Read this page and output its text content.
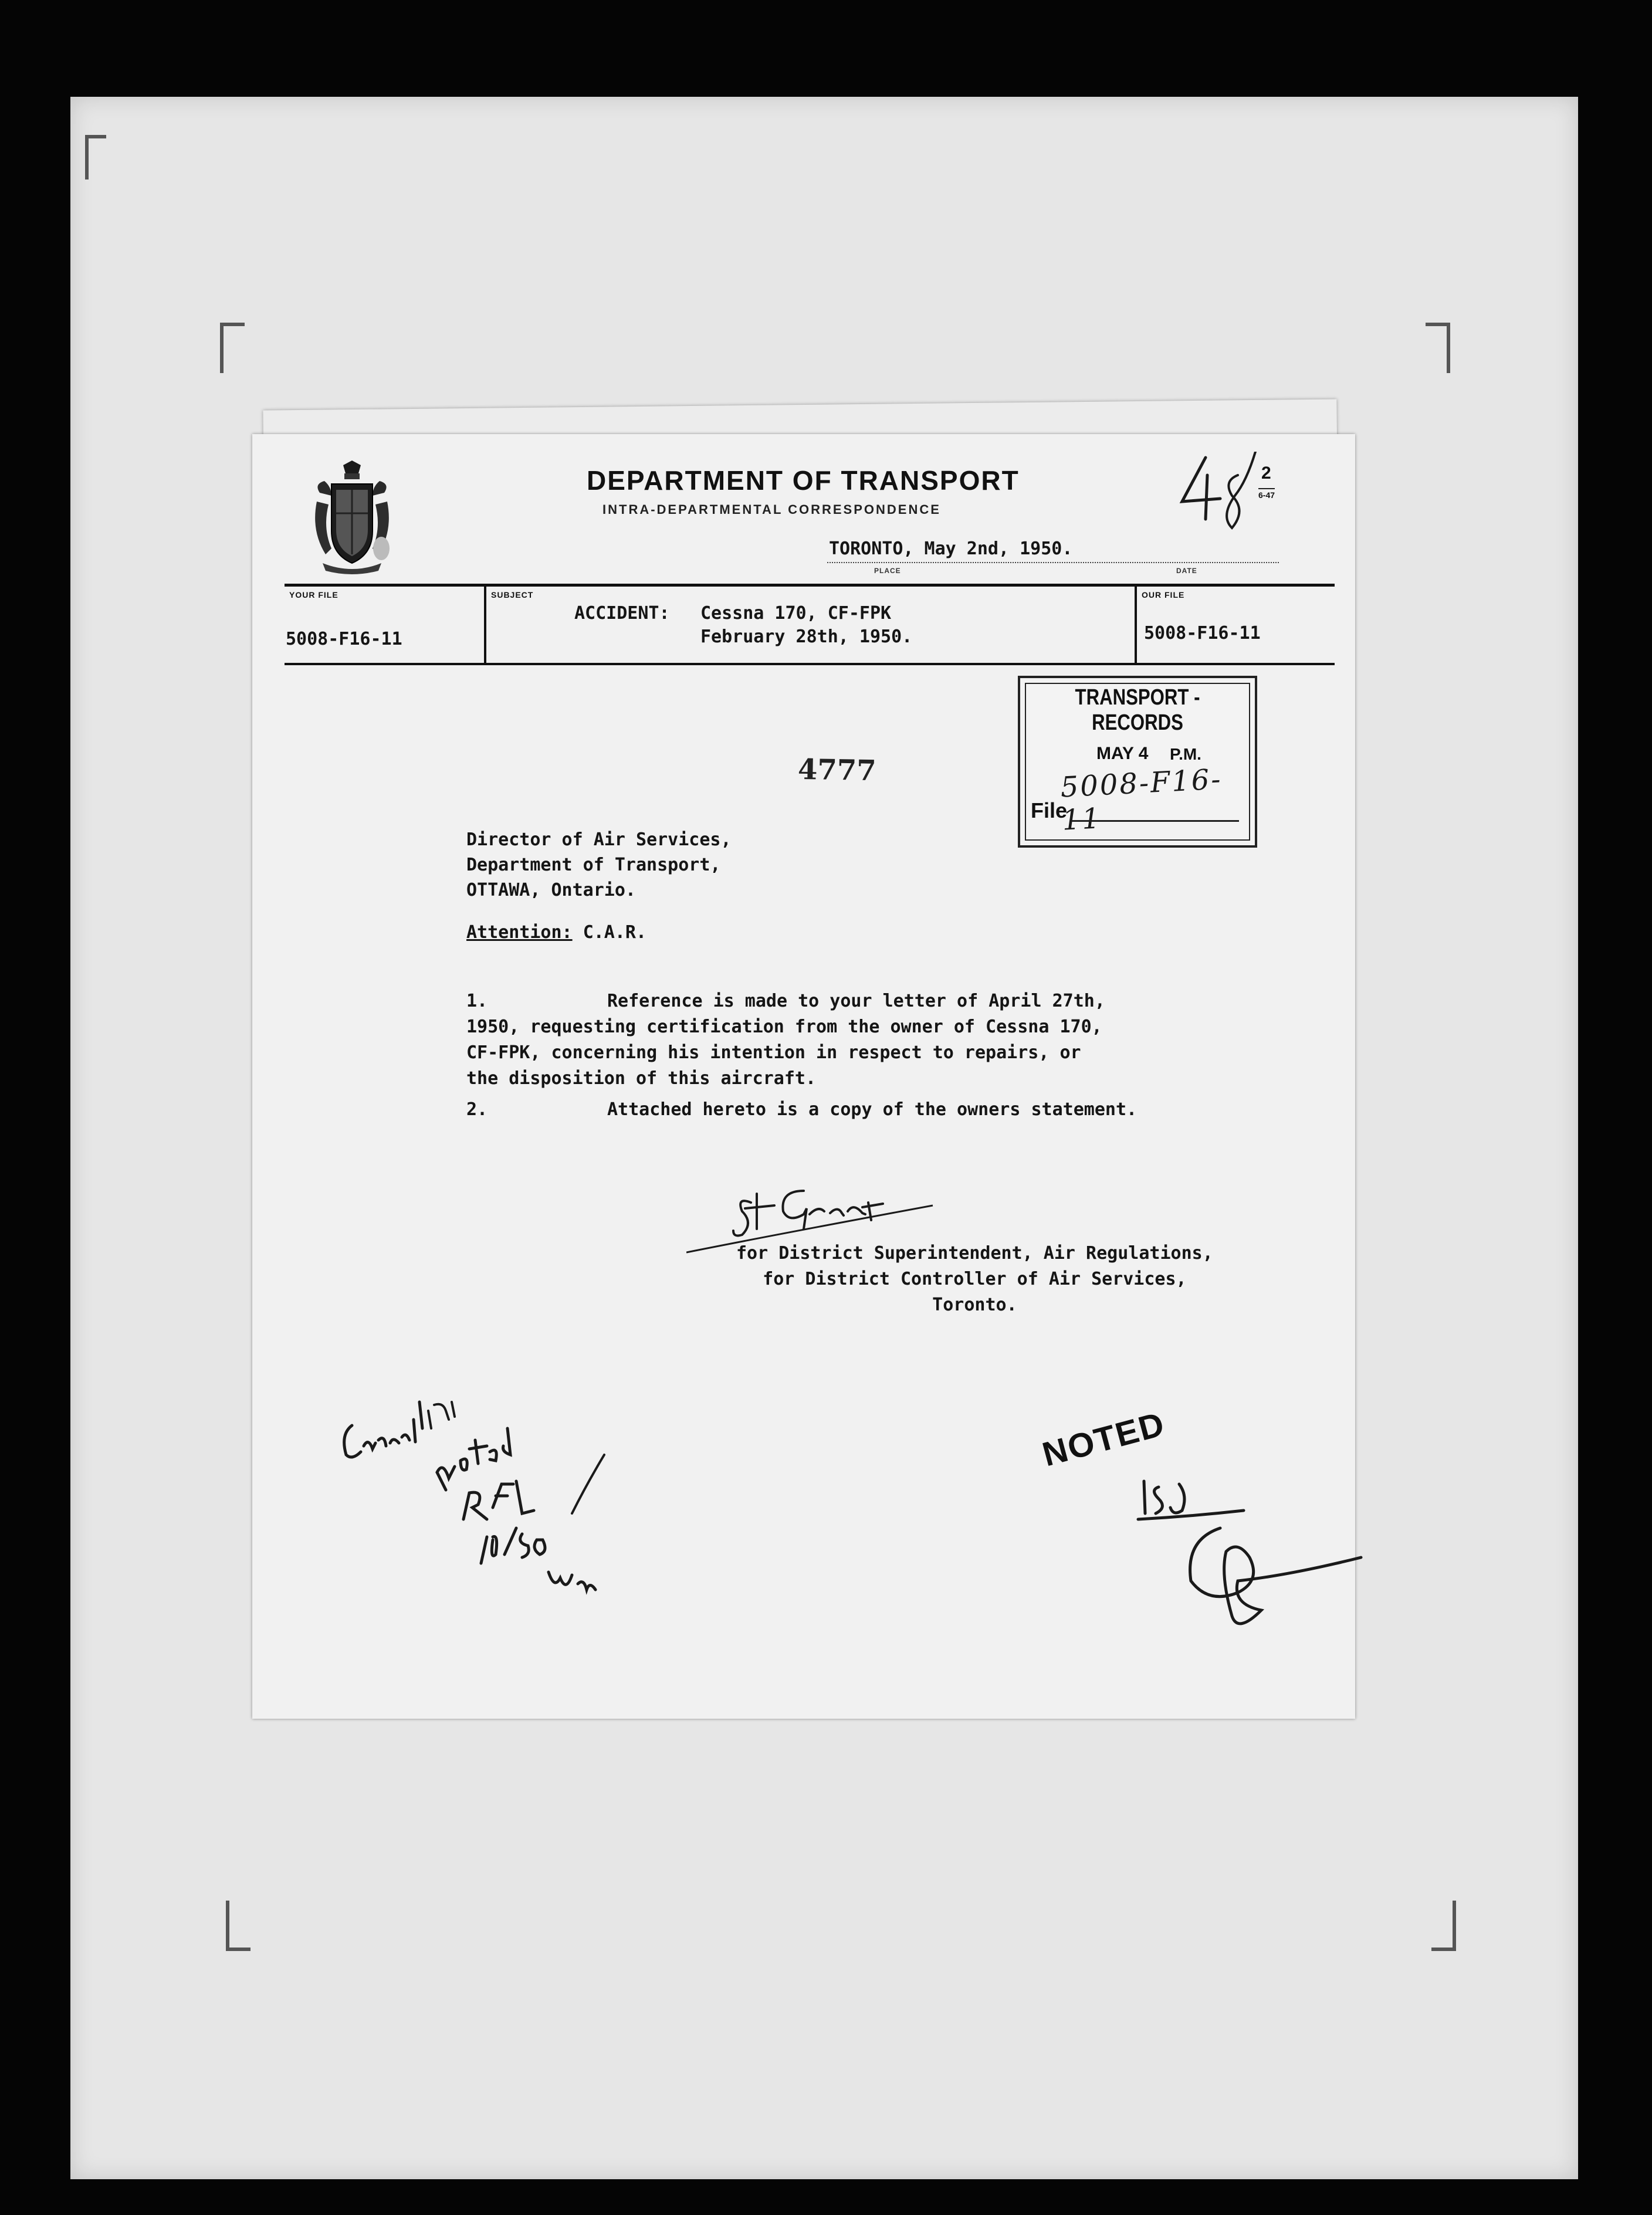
DEPARTMENT OF TRANSPORT
INTRA-DEPARTMENTAL CORRESPONDENCE
2
6-47
TORONTO, May 2nd, 1950.
PLACE	DATE
YOUR FILE
5008-F16-11
SUBJECT
ACCIDENT: Cessna 170, CF-FPK
February 28th, 1950.
OUR FILE
5008-F16-11
TRANSPORT - RECORDS
MAY 4 P.M.
5008-F16-11
File
4777
Director of Air Services,
Department of Transport,
OTTAWA, Ontario.
Attention: C.A.R.
1.	Reference is made to your letter of April 27th,
1950, requesting certification from the owner of Cessna 170,
CF-FPK, concerning his intention in respect to repairs, or
the disposition of this aircraft.
2.	Attached hereto is a copy of the owners statement.
for District Superintendent, Air Regulations,
for District Controller of Air Services,
Toronto.
NOTED
